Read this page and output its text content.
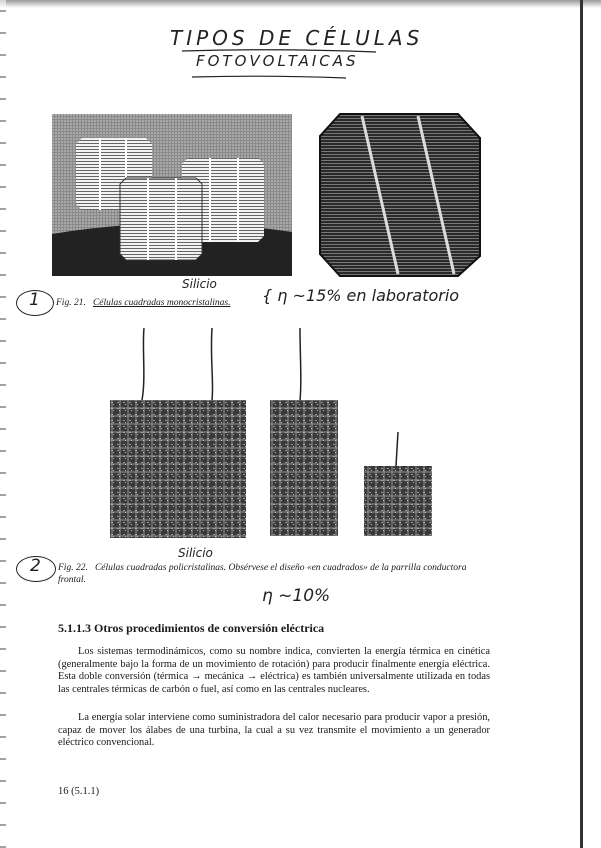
TIPOS DE CÉLULAS
FOTOVOLTAICAS
1
Silicio
Fig. 21. Células cuadradas monocristalinas. { η ~15% en laboratorio
2
Silicio
Fig. 22. Células cuadradas policristalinas. Obsérvese el diseño «en cuadrados» de la parrilla conductora frontal.
η ~10%
5.1.1.3 Otros procedimientos de conversión eléctrica
Los sistemas termodinámicos, como su nombre indica, convierten la energía térmica en cinética (generalmente bajo la forma de un movimiento de rotación) para producir finalmente energía eléctrica. Esta doble conversión (térmica → mecánica → eléctrica) es también universalmente utilizada en todas las centrales térmicas de carbón o fuel, así como en las centrales nucleares.
La energía solar interviene como suministradora del calor necesario para producir vapor a presión, capaz de mover los álabes de una turbina, la cual a su vez transmite el movimiento a un generador eléctrico convencional.
16 (5.1.1)
